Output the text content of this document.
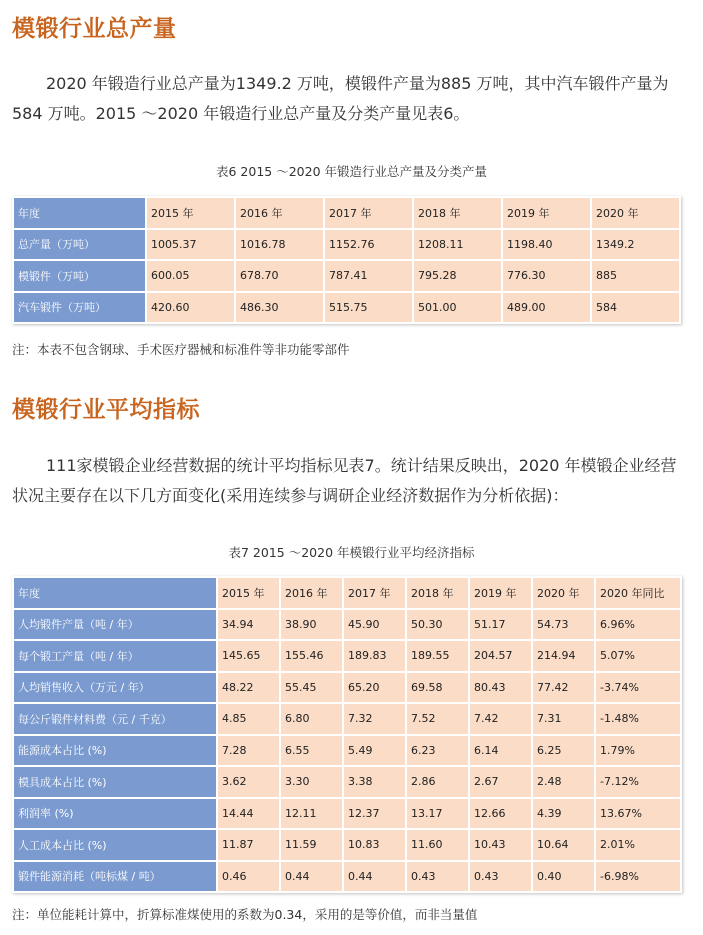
模锻行业总产量
2020 年锻造行业总产量为1349.2 万吨，模锻件产量为885 万吨，其中汽车锻件产量为584 万吨。2015 ～2020 年锻造行业总产量及分类产量见表6。
表6 2015 ～2020 年锻造行业总产量及分类产量
年度	2015 年	2016 年	2017 年	2018 年	2019 年	2020 年
总产量（万吨）	1005.37	1016.78	1152.76	1208.11	1198.40	1349.2
模锻件（万吨）	600.05	678.70	787.41	795.28	776.30	885
汽车锻件（万吨）	420.60	486.30	515.75	501.00	489.00	584
注：本表不包含钢球、手术医疗器械和标准件等非功能零部件
模锻行业平均指标
111家模锻企业经营数据的统计平均指标见表7。统计结果反映出，2020 年模锻企业经营状况主要存在以下几方面变化(采用连续参与调研企业经济数据作为分析依据)：
表7 2015 ～2020 年模锻行业平均经济指标
年度	2015 年	2016 年	2017 年	2018 年	2019 年	2020 年	2020 年同比
人均锻件产量（吨 / 年）	34.94	38.90	45.90	50.30	51.17	54.73	6.96%
每个锻工产量（吨 / 年）	145.65	155.46	189.83	189.55	204.57	214.94	5.07%
人均销售收入（万元 / 年）	48.22	55.45	65.20	69.58	80.43	77.42	-3.74%
每公斤锻件材料费（元 / 千克）	4.85	6.80	7.32	7.52	7.42	7.31	-1.48%
能源成本占比 (%)	7.28	6.55	5.49	6.23	6.14	6.25	1.79%
模具成本占比 (%)	3.62	3.30	3.38	2.86	2.67	2.48	-7.12%
利润率 (%)	14.44	12.11	12.37	13.17	12.66	4.39	13.67%
人工成本占比 (%)	11.87	11.59	10.83	11.60	10.43	10.64	2.01%
锻件能源消耗（吨标煤 / 吨）	0.46	0.44	0.44	0.43	0.43	0.40	-6.98%
注：单位能耗计算中，折算标准煤使用的系数为0.34，采用的是等价值，而非当量值
